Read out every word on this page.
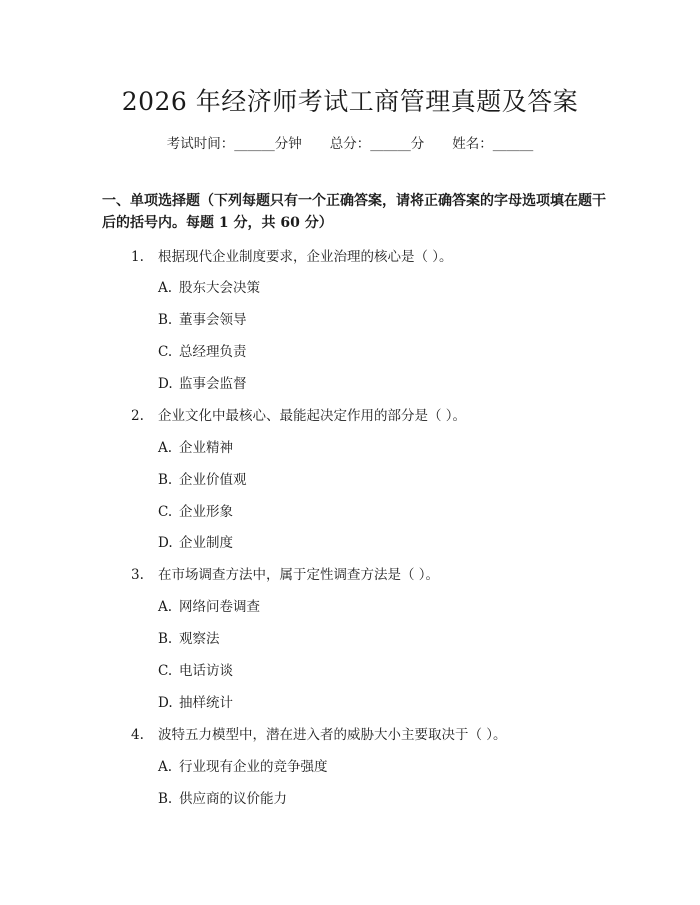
2026 年经济师考试工商管理真题及答案
考试时间：______分钟 总分：______分 姓名：______
一、单项选择题（下列每题只有一个正确答案，请将正确答案的字母选项填在题干后的括号内。每题 1 分，共 60 分）
1. 根据现代企业制度要求，企业治理的核心是（ ）。
A. 股东大会决策
B. 董事会领导
C. 总经理负责
D. 监事会监督
2. 企业文化中最核心、最能起决定作用的部分是（ ）。
A. 企业精神
B. 企业价值观
C. 企业形象
D. 企业制度
3. 在市场调查方法中，属于定性调查方法是（ ）。
A. 网络问卷调查
B. 观察法
C. 电话访谈
D. 抽样统计
4. 波特五力模型中，潜在进入者的威胁大小主要取决于（ ）。
A. 行业现有企业的竞争强度
B. 供应商的议价能力
